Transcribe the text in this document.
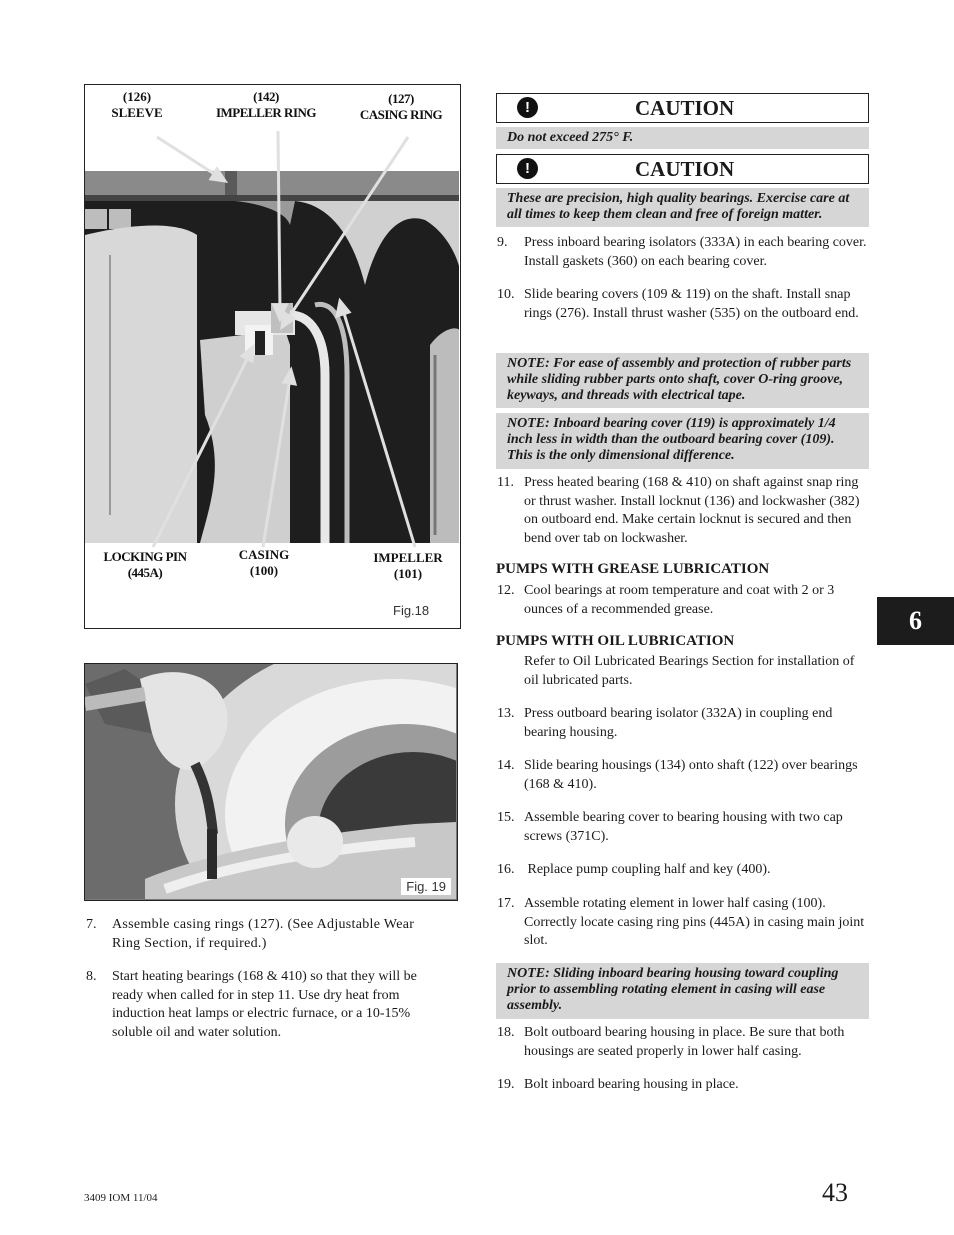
(126)
SLEEVE
(142)
IMPELLER RING
(127)
CASING RING
LOCKING PIN
(445A)
CASING
(100)
IMPELLER
(101)
Fig.18
Fig. 19
7. Assemble casing rings (127). (See Adjustable Wear Ring Section, if required.)
8. Start heating bearings (168 & 410) so that they will be ready when called for in step 11. Use dry heat from induction heat lamps or electric furnace, or a 10-15% soluble oil and water solution.
!	CAUTION
Do not exceed 275° F.
!	CAUTION
These are precision, high quality bearings. Exercise care at all times to keep them clean and free of foreign matter.
9. Press inboard bearing isolators (333A) in each bearing cover. Install gaskets (360) on each bearing cover.
10. Slide bearing covers (109 & 119) on the shaft. Install snap rings (276). Install thrust washer (535) on the outboard end.
NOTE: For ease of assembly and protection of rubber parts while sliding rubber parts onto shaft, cover O-ring groove, keyways, and threads with electrical tape.
NOTE: Inboard bearing cover (119) is approximately 1/4 inch less in width than the outboard bearing cover (109). This is the only dimensional difference.
11. Press heated bearing (168 & 410) on shaft against snap ring or thrust washer. Install locknut (136) and lockwasher (382) on outboard end. Make certain locknut is secured and then bend over tab on lockwasher.
PUMPS WITH GREASE LUBRICATION
12. Cool bearings at room temperature and coat with 2 or 3 ounces of a recommended grease.
PUMPS WITH OIL LUBRICATION
Refer to Oil Lubricated Bearings Section for installation of oil lubricated parts.
13. Press outboard bearing isolator (332A) in coupling end bearing housing.
14. Slide bearing housings (134) onto shaft (122) over bearings (168 & 410).
15. Assemble bearing cover to bearing housing with two cap screws (371C).
16. Replace pump coupling half and key (400).
17. Assemble rotating element in lower half casing (100). Correctly locate casing ring pins (445A) in casing main joint slot.
NOTE: Sliding inboard bearing housing toward coupling prior to assembling rotating element in casing will ease assembly.
18. Bolt outboard bearing housing in place. Be sure that both housings are seated properly in lower half casing.
19. Bolt inboard bearing housing in place.
6
3409 IOM 11/04	43
